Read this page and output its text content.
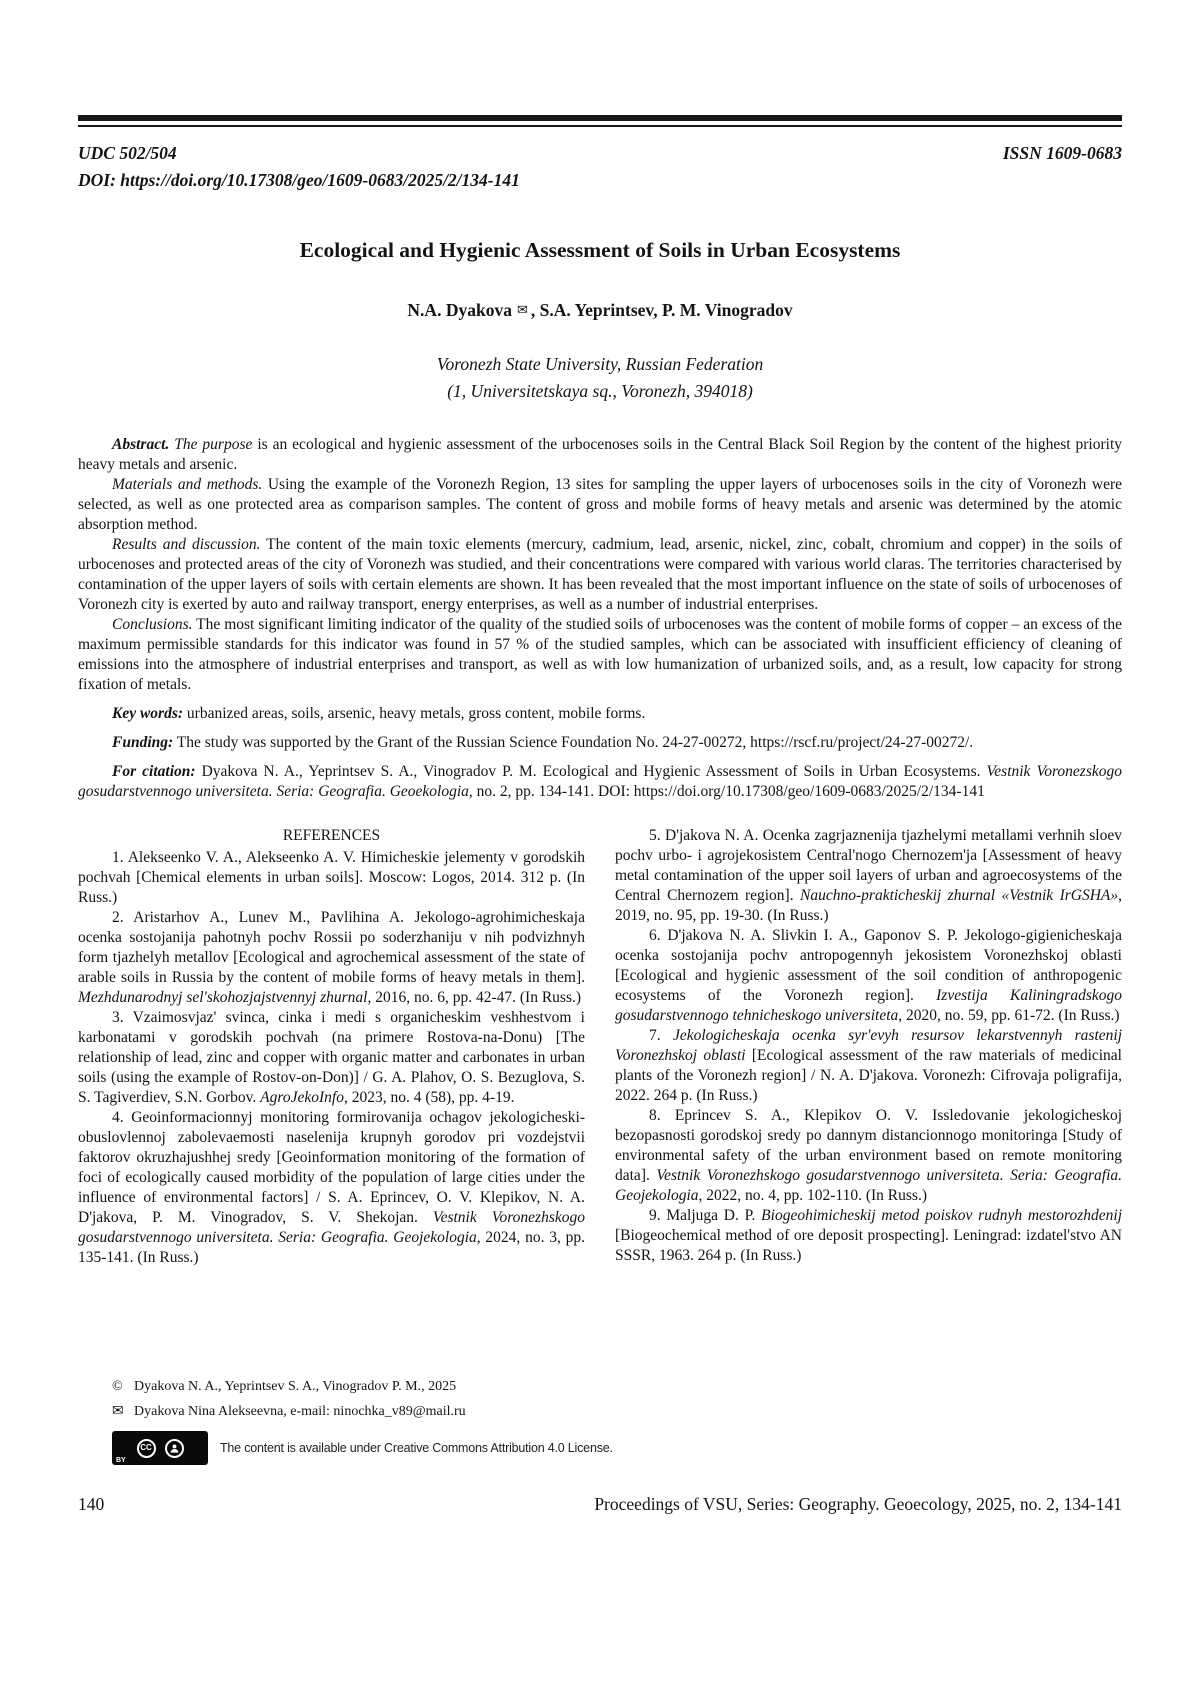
UDC 502/504	ISSN 1609-0683
DOI: https://doi.org/10.17308/geo/1609-0683/2025/2/134-141
Ecological and Hygienic Assessment of Soils in Urban Ecosystems
N.A. Dyakova ✉ , S.A. Yeprintsev, P. M. Vinogradov
Voronezh State University, Russian Federation
(1, Universitetskaya sq., Voronezh, 394018)

Abstract. The purpose is an ecological and hygienic assessment of the urbocenoses soils in the Central Black Soil Region by the content of the highest priority heavy metals and arsenic.

Materials and methods. Using the example of the Voronezh Region, 13 sites for sampling the upper layers of urbocenoses soils in the city of Voronezh were selected, as well as one protected area as comparison samples. The content of gross and mobile forms of heavy metals and arsenic was determined by the atomic absorption method.

Results and discussion. The content of the main toxic elements (mercury, cadmium, lead, arsenic, nickel, zinc, cobalt, chromium and copper) in the soils of urbocenoses and protected areas of the city of Voronezh was studied, and their concentrations were compared with various world claras. The territories characterised by contamination of the upper layers of soils with certain elements are shown. It has been revealed that the most important influence on the state of soils of urbocenoses of Voronezh city is exerted by auto and railway transport, energy enterprises, as well as a number of industrial enterprises.

Conclusions. The most significant limiting indicator of the quality of the studied soils of urbocenoses was the content of mobile forms of copper – an excess of the maximum permissible standards for this indicator was found in 57 % of the studied samples, which can be associated with insufficient efficiency of cleaning of emissions into the atmosphere of industrial enterprises and transport, as well as with low humanization of urbanized soils, and, as a result, low capacity for strong fixation of metals.

Key words: urbanized areas, soils, arsenic, heavy metals, gross content, mobile forms.

Funding: The study was supported by the Grant of the Russian Science Foundation No. 24-27-00272, https://rscf.ru/project/24-27-00272/.

For citation: Dyakova N. A., Yeprintsev S. A., Vinogradov P. M. Ecological and Hygienic Assessment of Soils in Urban Ecosystems. Vestnik Voronezskogo gosudarstvennogo universiteta. Seria: Geografia. Geoekologia, no. 2, pp. 134-141. DOI: https://doi.org/10.17308/geo/1609-0683/2025/2/134-141

REFERENCES

1. Alekseenko V. A., Alekseenko A. V. Himicheskie jelementy v gorodskih pochvah [Chemical elements in urban soils]. Moscow: Logos, 2014. 312 p. (In Russ.)

2. Aristarhov A., Lunev M., Pavlihina A. Jekologo-agrohimicheskaja ocenka sostojanija pahotnyh pochv Rossii po soderzhaniju v nih podvizhnyh form tjazhelyh metallov [Ecological and agrochemical assessment of the state of arable soils in Russia by the content of mobile forms of heavy metals in them]. Mezhdunarodnyj sel'skohozjajstvennyj zhurnal, 2016, no. 6, pp. 42-47. (In Russ.)

3. Vzaimosvjaz' svinca, cinka i medi s organicheskim veshhestvom i karbonatami v gorodskih pochvah (na primere Rostova-na-Donu) [The relationship of lead, zinc and copper with organic matter and carbonates in urban soils (using the example of Rostov-on-Don)] / G. A. Plahov, O. S. Bezuglova, S. S. Tagiverdiev, S.N. Gorbov. AgroJekoInfo, 2023, no. 4 (58), pp. 4-19.

4. Geoinformacionnyj monitoring formirovanija ochagov jekologicheski-obuslovlennoj zabolevaemosti naselenija krupnyh gorodov pri vozdejstvii faktorov okruzhajushhej sredy [Geoinformation monitoring of the formation of foci of ecologically caused morbidity of the population of large cities under the influence of environmental factors] / S. A. Eprincev, O. V. Klepikov, N. A. D'jakova, P. M. Vinogradov, S. V. Shekojan. Vestnik Voronezhskogo gosudarstvennogo universiteta. Seria: Geografia. Geojekologia, 2024, no. 3, pp. 135-141. (In Russ.)

5. D'jakova N. A. Ocenka zagrjaznenija tjazhelymi metallami verhnih sloev pochv urbo- i agrojekosistem Central'nogo Chernozem'ja [Assessment of heavy metal contamination of the upper soil layers of urban and agroecosystems of the Central Chernozem region]. Nauchno-prakticheskij zhurnal «Vestnik IrGSHA», 2019, no. 95, pp. 19-30. (In Russ.)

6. D'jakova N. A. Slivkin I. A., Gaponov S. P. Jekologo-gigienicheskaja ocenka sostojanija pochv antropogennyh jekosistem Voronezhskoj oblasti [Ecological and hygienic assessment of the soil condition of anthropogenic ecosystems of the Voronezh region]. Izvestija Kaliningradskogo gosudarstvennogo tehnicheskogo universiteta, 2020, no. 59, pp. 61-72. (In Russ.)

7. Jekologicheskaja ocenka syr'evyh resursov lekarstvennyh rastenij Voronezhskoj oblasti [Ecological assessment of the raw materials of medicinal plants of the Voronezh region] / N. A. D'jakova. Voronezh: Cifrovaja poligrafija, 2022. 264 p. (In Russ.)

8. Eprincev S. A., Klepikov O. V. Issledovanie jekologicheskoj bezopasnosti gorodskoj sredy po dannym distancionnogo monitoringa [Study of environmental safety of the urban environment based on remote monitoring data]. Vestnik Voronezhskogo gosudarstvennogo universiteta. Seria: Geografia. Geojekologia, 2022, no. 4, pp. 102-110. (In Russ.)

9. Maljuga D. P. Biogeohimicheskij metod poiskov rudnyh mestorozhdenij [Biogeochemical method of ore deposit prospecting]. Leningrad: izdatel'stvo AN SSSR, 1963. 264 p. (In Russ.)

© Dyakova N. A., Yeprintsev S. A., Vinogradov P. M., 2025
✉ Dyakova Nina Alekseevna, e-mail: ninochka_v89@mail.ru
CC
BY
The content is available under Creative Commons Attribution 4.0 License.
140	Proceedings of VSU, Series: Geography. Geoecology, 2025, no. 2, 134-141
